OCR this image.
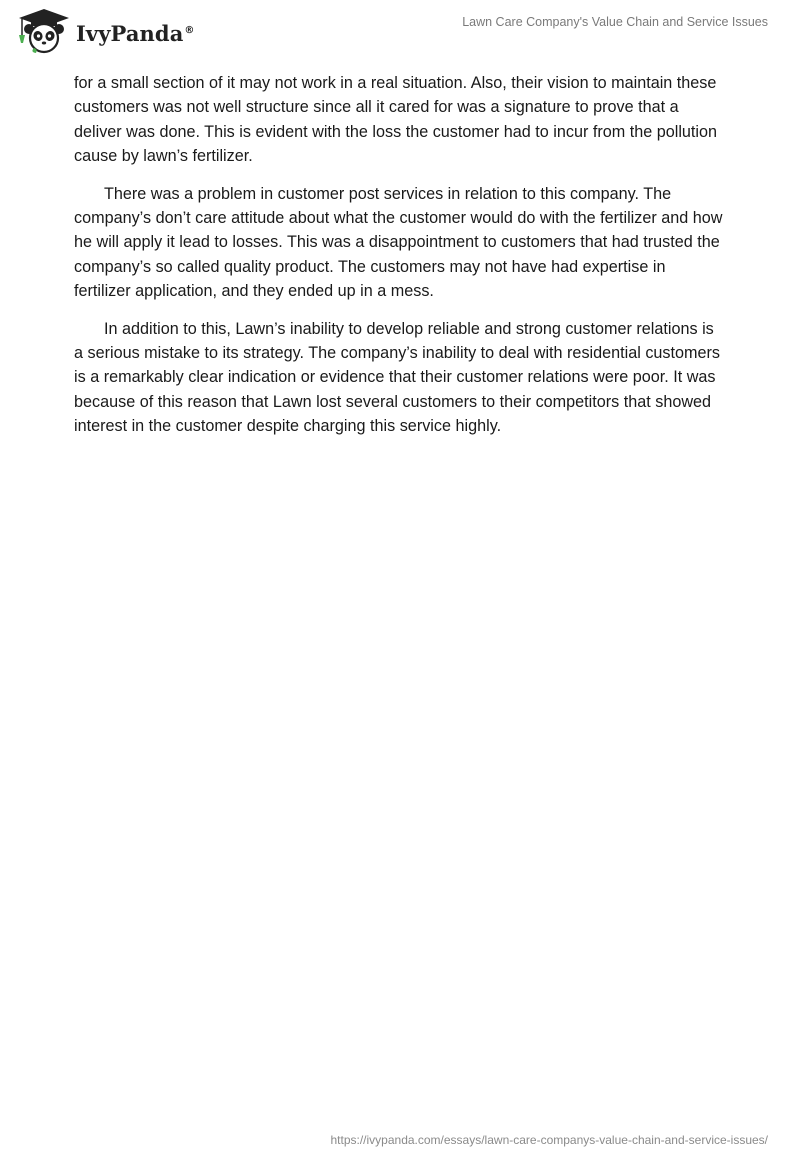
IvyPanda®
Lawn Care Company's Value Chain and Service Issues

for a small section of it may not work in a real situation. Also, their vision to maintain these customers was not well structure since all it cared for was a signature to prove that a deliver was done. This is evident with the loss the customer had to incur from the pollution cause by lawn’s fertilizer.

There was a problem in customer post services in relation to this company. The company’s don’t care attitude about what the customer would do with the fertilizer and how he will apply it lead to losses. This was a disappointment to customers that had trusted the company’s so called quality product. The customers may not have had expertise in fertilizer application, and they ended up in a mess.

In addition to this, Lawn’s inability to develop reliable and strong customer relations is a serious mistake to its strategy. The company’s inability to deal with residential customers is a remarkably clear indication or evidence that their customer relations were poor. It was because of this reason that Lawn lost several customers to their competitors that showed interest in the customer despite charging this service highly.

https://ivypanda.com/essays/lawn-care-companys-value-chain-and-service-issues/
